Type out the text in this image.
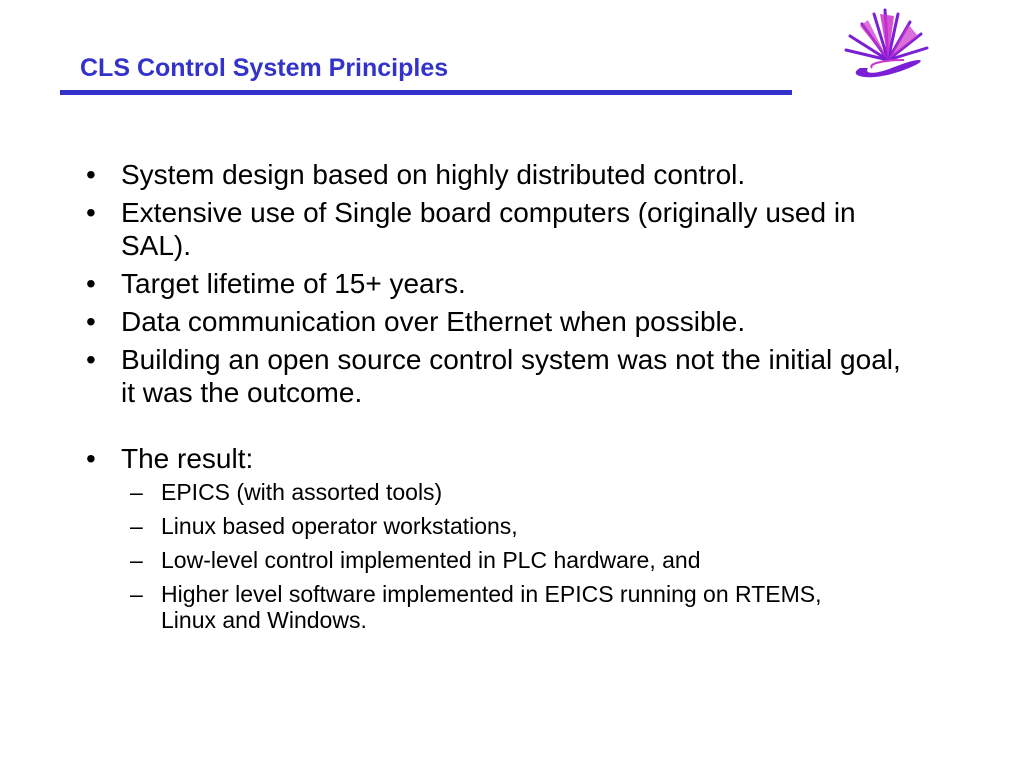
CLS Control System Principles
• System design based on highly distributed control.
• Extensive use of Single board computers (originally used in SAL).
• Target lifetime of 15+ years.
• Data communication over Ethernet when possible.
• Building an open source control system was not the initial goal, it was the outcome.
• The result:
– EPICS (with assorted tools)
– Linux based operator workstations,
– Low-level control implemented in PLC hardware, and
– Higher level software implemented in EPICS running on RTEMS, Linux and Windows.
